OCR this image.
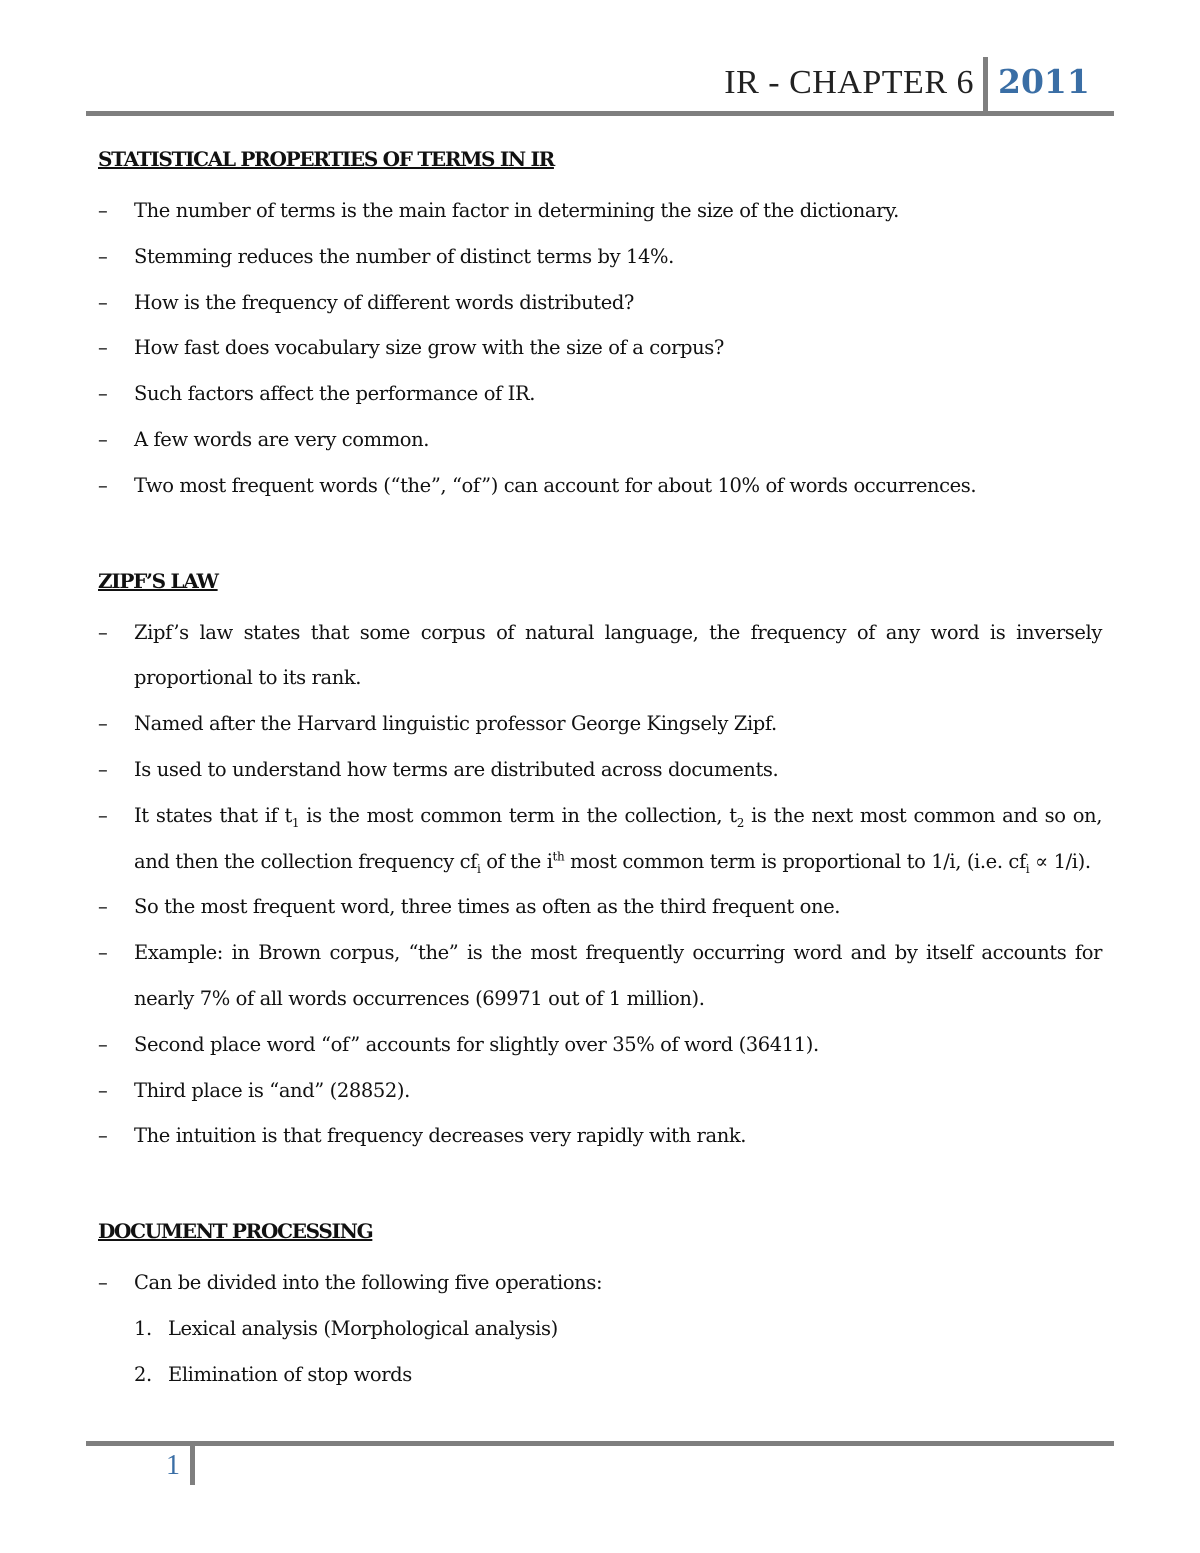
IR - CHAPTER 6 2011
STATISTICAL PROPERTIES OF TERMS IN IR
–	The number of terms is the main factor in determining the size of the dictionary.
–	Stemming reduces the number of distinct terms by 14%.
–	How is the frequency of different words distributed?
–	How fast does vocabulary size grow with the size of a corpus?
–	Such factors affect the performance of IR.
–	A few words are very common.
–	Two most frequent words (“the”, “of”) can account for about 10% of words occurrences.
ZIPF’S LAW
–	Zipf’s law states that some corpus of natural language, the frequency of any word is inversely proportional to its rank.
–	Named after the Harvard linguistic professor George Kingsely Zipf.
–	Is used to understand how terms are distributed across documents.
–	It states that if $t_1$ is the most common term in the collection, $t_2$ is the next most common and so on, and then the collection frequency $cf_i$ of the $i^{th}$ most common term is proportional to 1/i, (i.e. $cf_i \propto 1/i$).
–	So the most frequent word, three times as often as the third frequent one.
–	Example: in Brown corpus, “the” is the most frequently occurring word and by itself accounts for nearly 7% of all words occurrences (69971 out of 1 million).
–	Second place word “of” accounts for slightly over 35% of word (36411).
–	Third place is “and” (28852).
–	The intuition is that frequency decreases very rapidly with rank.
DOCUMENT PROCESSING
–	Can be divided into the following five operations:
1. Lexical analysis (Morphological analysis)
2. Elimination of stop words
1
